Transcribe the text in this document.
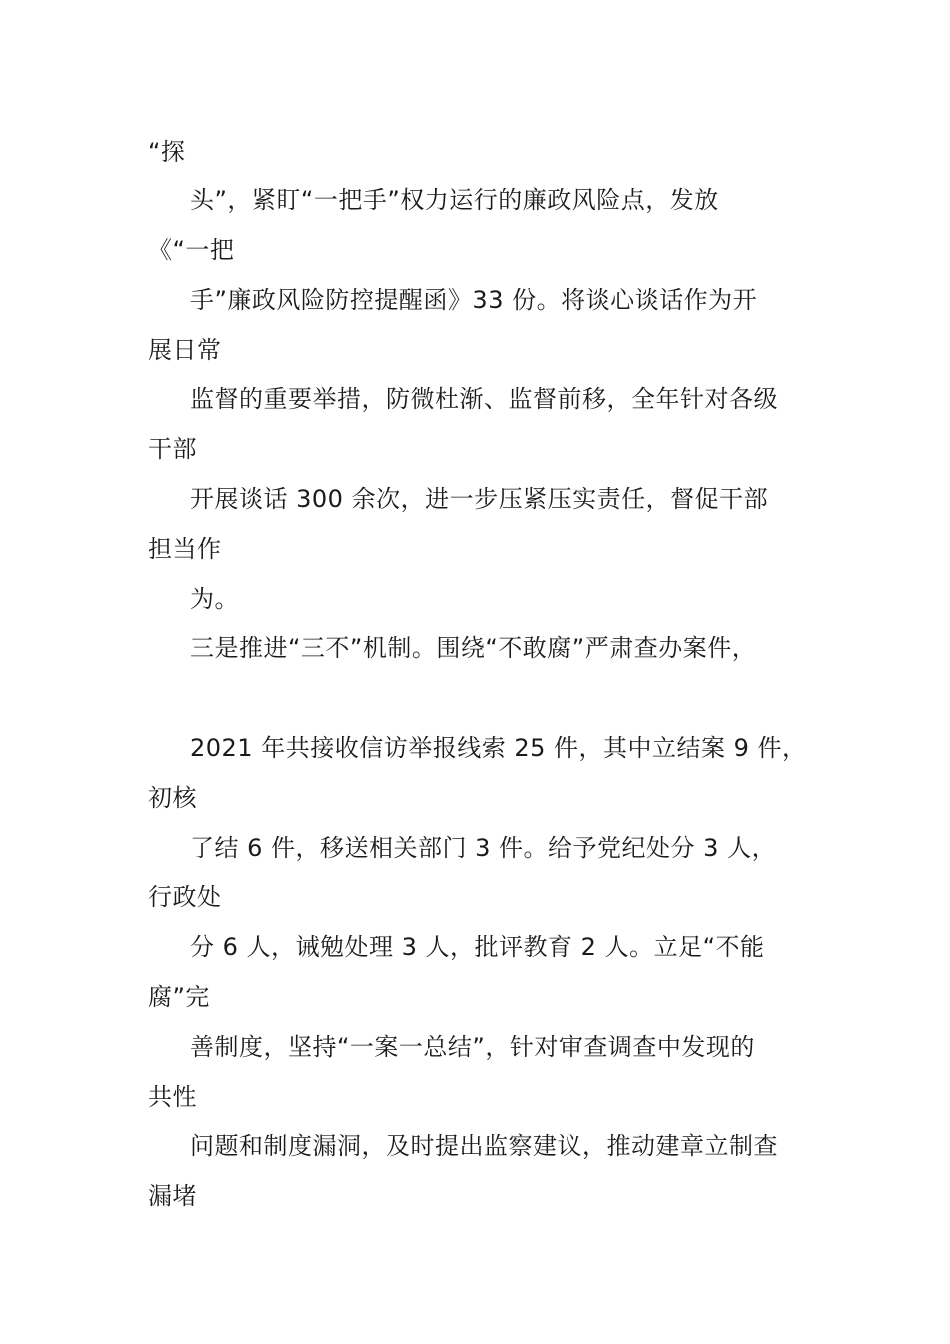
“探
头”，紧盯“一把手”权力运行的廉政风险点，发放
《“一把
手”廉政风险防控提醒函》33 份。将谈心谈话作为开
展日常
监督的重要举措，防微杜渐、监督前移，全年针对各级
干部
开展谈话 300 余次，进一步压紧压实责任，督促干部
担当作
为。
三是推进“三不”机制。围绕“不敢腐”严肃查办案件，
2021 年共接收信访举报线索 25 件，其中立结案 9 件，
初核
了结 6 件，移送相关部门 3 件。给予党纪处分 3 人，
行政处
分 6 人，诫勉处理 3 人，批评教育 2 人。立足“不能
腐”完
善制度，坚持“一案一总结”，针对审查调查中发现的
共性
问题和制度漏洞，及时提出监察建议，推动建章立制查
漏堵
